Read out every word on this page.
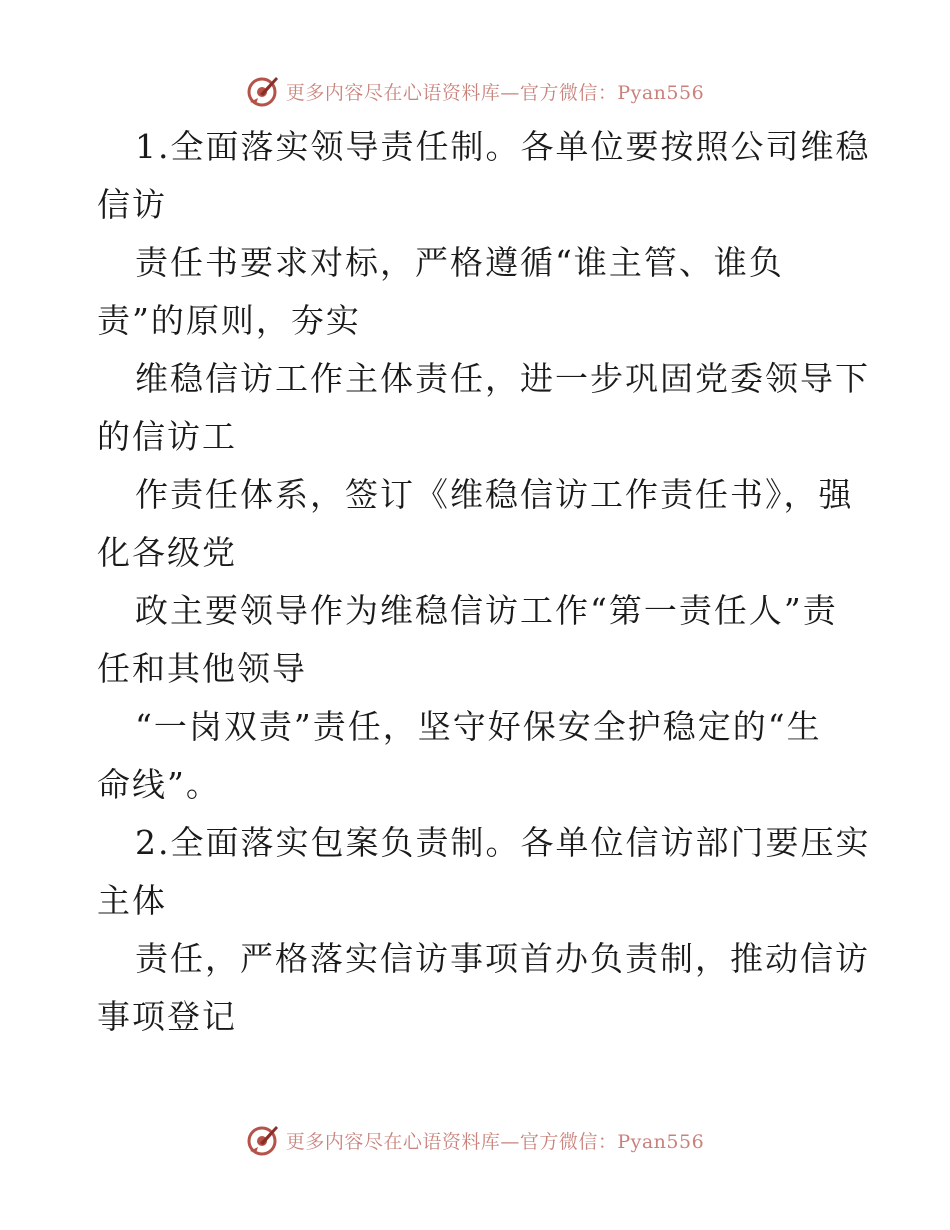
更多内容尽在心语资料库—官方微信：Pyan556
1.全面落实领导责任制。各单位要按照公司维稳
信访
责任书要求对标，严格遵循“谁主管、谁负
责”的原则，夯实
维稳信访工作主体责任，进一步巩固党委领导下
的信访工
作责任体系，签订《维稳信访工作责任书》，强
化各级党
政主要领导作为维稳信访工作“第一责任人”责
任和其他领导
“一岗双责”责任，坚守好保安全护稳定的“生
命线”。
2.全面落实包案负责制。各单位信访部门要压实
主体
责任，严格落实信访事项首办负责制，推动信访
事项登记
更多内容尽在心语资料库—官方微信：Pyan556
